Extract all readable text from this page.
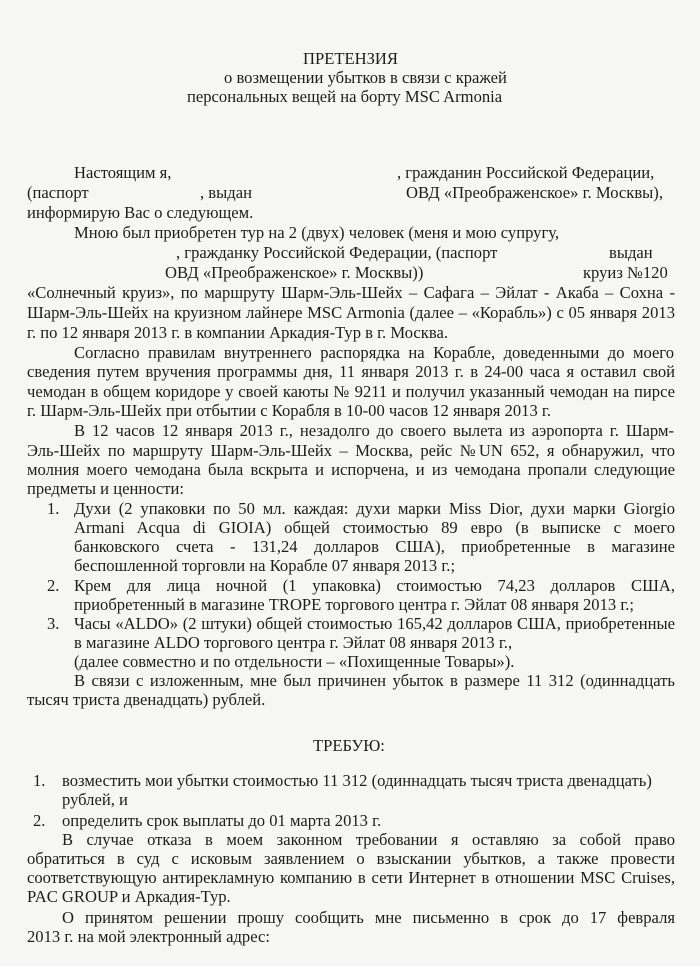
ПРЕТЕНЗИЯ
о возмещении убытков в связи с кражей
персональных вещей на борту MSC Armonia
Настоящим я,	, гражданин Российской Федерации,
(паспорт	, выдан	ОВД «Преображенское» г. Москвы),
информирую Вас о следующем.
Мною был приобретен тур на 2 (двух) человек (меня и мою супругу,
, гражданку Российской Федерации, (паспорт	выдан
ОВД «Преображенское» г. Москвы))	круиз №120
«Солнечный круиз», по маршруту Шарм-Эль-Шейх – Сафага – Эйлат - Акаба – Сохна -
Шарм-Эль-Шейх на круизном лайнере MSC Armonia (далее – «Корабль») с 05 января 2013
г. по 12 января 2013 г. в компании Аркадия-Тур в г. Москва.
Согласно правилам внутреннего распорядка на Корабле, доведенными до моего
сведения путем вручения программы дня, 11 января 2013 г. в 24-00 часа я оставил свой
чемодан в общем коридоре у своей каюты № 9211 и получил указанный чемодан на пирсе
г. Шарм-Эль-Шейх при отбытии с Корабля в 10-00 часов 12 января 2013 г.
В 12 часов 12 января 2013 г., незадолго до своего вылета из аэропорта г. Шарм-
Эль-Шейх по маршруту Шарм-Эль-Шейх – Москва, рейс №UN 652, я обнаружил, что
молния моего чемодана была вскрыта и испорчена, и из чемодана пропали следующие
предметы и ценности:
1. Духи (2 упаковки по 50 мл. каждая: духи марки Miss Dior, духи марки Giorgio
Armani Acqua di GIOIA) общей стоимостью 89 евро (в выписке с моего
банковского счета - 131,24 долларов США), приобретенные в магазине
беспошленной торговли на Корабле 07 января 2013 г.;
2. Крем для лица ночной (1 упаковка) стоимостью 74,23 долларов США,
приобретенный в магазине TROPE торгового центра г. Эйлат 08 января 2013 г.;
3. Часы «ALDO» (2 штуки) общей стоимостью 165,42 долларов США, приобретенные
в магазине ALDO торгового центра г. Эйлат 08 января 2013 г.,
(далее совместно и по отдельности – «Похищенные Товары»).
В связи с изложенным, мне был причинен убыток в размере 11 312 (одиннадцать
тысяч триста двенадцать) рублей.
ТРЕБУЮ:
1. возместить мои убытки стоимостью 11 312 (одиннадцать тысяч триста двенадцать)
рублей, и
2. определить срок выплаты до 01 марта 2013 г.
В случае отказа в моем законном требовании я оставляю за собой право
обратиться в суд с исковым заявлением о взыскании убытков, а также провести
соответствующую антирекламную компанию в сети Интернет в отношении MSC Cruises,
PAC GROUP и Аркадия-Тур.
О принятом решении прошу сообщить мне письменно в срок до 17 февраля
2013 г. на мой электронный адрес:
